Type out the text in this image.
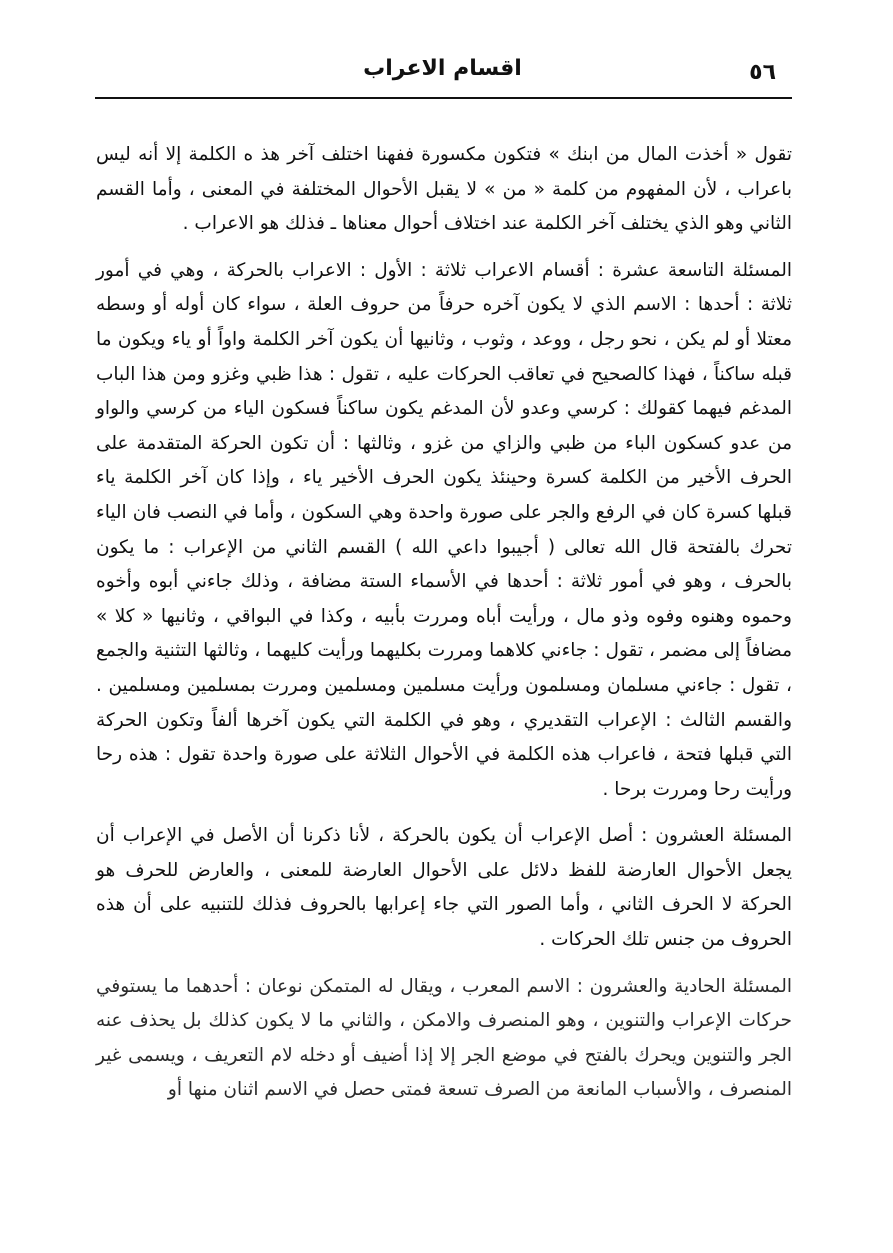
اقسام الاعراب	٥٦

تقول « أخذت المال من ابنك » فتكون مكسورة ففهنا اختلف آخر هذ ه الكلمة إلا أنه ليس باعراب ، لأن المفهوم من كلمة « من » لا يقبل الأحوال المختلفة في المعنى ، وأما القسم الثاني وهو الذي يختلف آخر الكلمة عند اختلاف أحوال معناها ـ فذلك هو الاعراب .

المسئلة التاسعة عشرة : أقسام الاعراب ثلاثة : الأول : الاعراب بالحركة ، وهي في أمور ثلاثة : أحدها : الاسم الذي لا يكون آخره حرفاً من حروف العلة ، سواء كان أوله أو وسطه معتلا أو لم يكن ، نحو رجل ، ووعد ، وثوب ، وثانيها أن يكون آخر الكلمة واواً أو ياء ويكون ما قبله ساكناً ، فهذا كالصحيح في تعاقب الحركات عليه ، تقول : هذا ظبي وغزو ومن هذا الباب المدغم فيهما كقولك : كرسي وعدو لأن المدغم يكون ساكناً فسكون الياء من كرسي والواو من عدو كسكون الباء من ظبي والزاي من غزو ، وثالثها : أن تكون الحركة المتقدمة على الحرف الأخير من الكلمة كسرة وحينئذ يكون الحرف الأخير ياء ، وإذا كان آخر الكلمة ياء قبلها كسرة كان في الرفع والجر على صورة واحدة وهي السكون ، وأما في النصب فان الياء تحرك بالفتحة قال الله تعالى ( أجيبوا داعي الله ) القسم الثاني من الإعراب : ما يكون بالحرف ، وهو في أمور ثلاثة : أحدها في الأسماء الستة مضافة ، وذلك جاءني أبوه وأخوه وحموه وهنوه وفوه وذو مال ، ورأيت أباه ومررت بأبيه ، وكذا في البواقي ، وثانيها « كلا » مضافاً إلى مضمر ، تقول : جاءني كلاهما ومررت بكليهما ورأيت كليهما ، وثالثها التثنية والجمع ، تقول : جاءني مسلمان ومسلمون ورأيت مسلمين ومسلمين ومررت بمسلمين ومسلمين . والقسم الثالث : الإعراب التقديري ، وهو في الكلمة التي يكون آخرها ألفاً وتكون الحركة التي قبلها فتحة ، فاعراب هذه الكلمة في الأحوال الثلاثة على صورة واحدة تقول : هذه رحا ورأيت رحا ومررت برحا .

المسئلة العشرون : أصل الإعراب أن يكون بالحركة ، لأنا ذكرنا أن الأصل في الإعراب أن يجعل الأحوال العارضة للفظ دلائل على الأحوال العارضة للمعنى ، والعارض للحرف هو الحركة لا الحرف الثاني ، وأما الصور التي جاء إعرابها بالحروف فذلك للتنبيه على أن هذه الحروف من جنس تلك الحركات .

المسئلة الحادية والعشرون : الاسم المعرب ، ويقال له المتمكن نوعان : أحدهما ما يستوفي حركات الإعراب والتنوين ، وهو المنصرف والامكن ، والثاني ما لا يكون كذلك بل يحذف عنه الجر والتنوين ويحرك بالفتح في موضع الجر إلا إذا أضيف أو دخله لام التعريف ، ويسمى غير المنصرف ، والأسباب المانعة من الصرف تسعة فمتى حصل في الاسم اثنان منها أو
